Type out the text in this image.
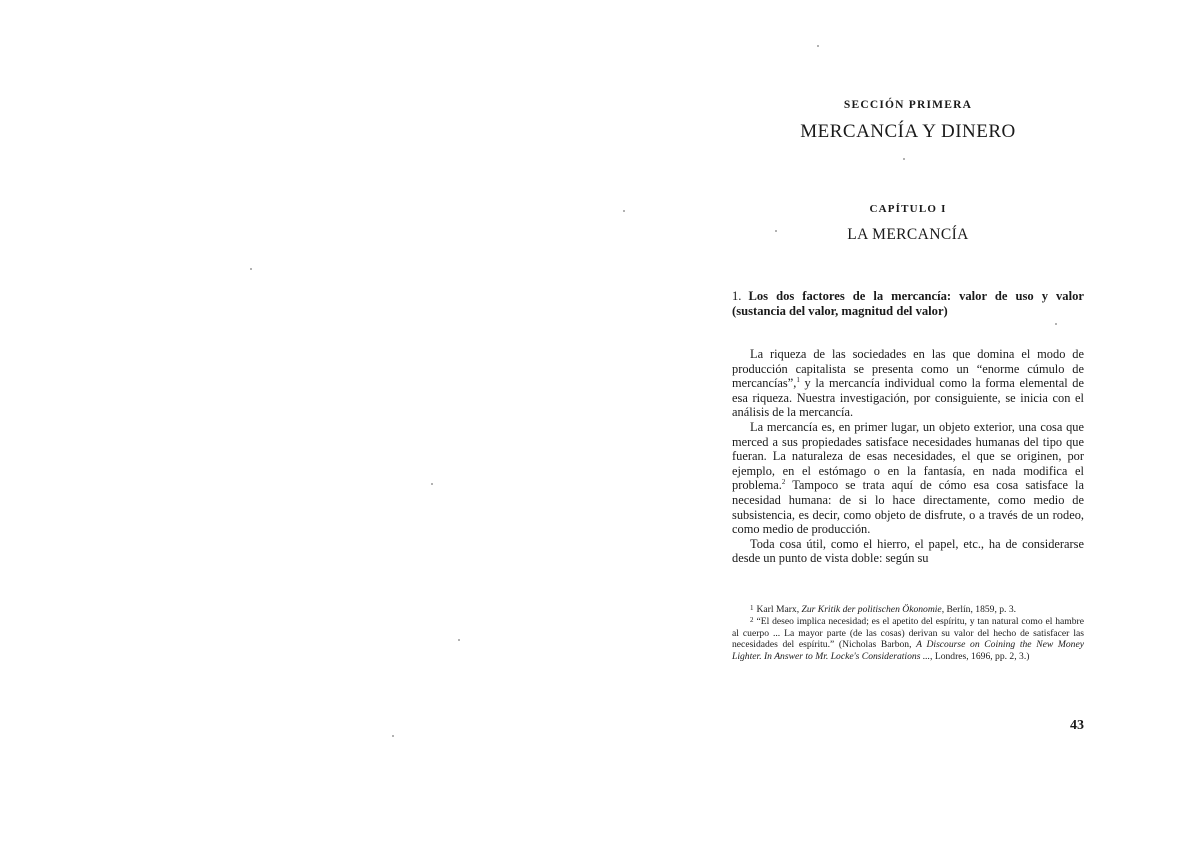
SECCIÓN PRIMERA
MERCANCÍA Y DINERO
CAPÍTULO I
LA MERCANCÍA
1. Los dos factores de la mercancía: valor de uso y valor (sustancia del valor, magnitud del valor)

La riqueza de las sociedades en las que domina el modo de producción capitalista se presenta como un “enorme cúmulo de mercancías”,$^1$ y la mercancía individual como la forma elemental de esa riqueza. Nuestra investigación, por consiguiente, se inicia con el análisis de la mercancía.

La mercancía es, en primer lugar, un objeto exterior, una cosa que merced a sus propiedades satisface necesidades humanas del tipo que fueran. La naturaleza de esas necesidades, el que se originen, por ejemplo, en el estómago o en la fantasía, en nada modifica el problema.$^2$ Tampoco se trata aquí de cómo esa cosa satisface la necesidad humana: de si lo hace directamente, como medio de subsistencia, es decir, como objeto de disfrute, o a través de un rodeo, como medio de producción.

Toda cosa útil, como el hierro, el papel, etc., ha de considerarse desde un punto de vista doble: según su

$^1$ Karl Marx, Zur Kritik der politischen Ökonomie, Berlín, 1859, p. 3.

$^2$ “El deseo implica necesidad; es el apetito del espíritu, y tan natural como el hambre al cuerpo ... La mayor parte (de las cosas) derivan su valor del hecho de satisfacer las necesidades del espíritu.” (Nicholas Barbon, A Discourse on Coining the New Money Lighter. In Answer to Mr. Locke's Considerations ..., Londres, 1696, pp. 2, 3.)

43
